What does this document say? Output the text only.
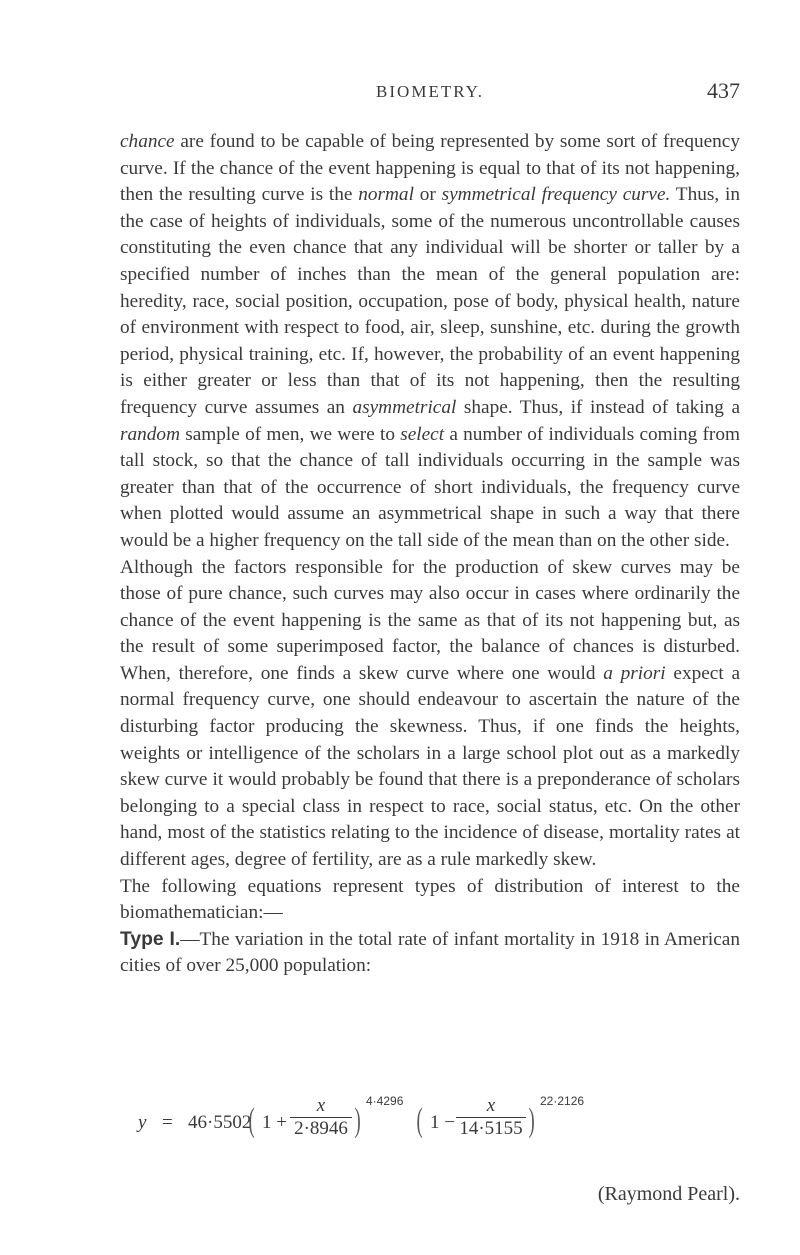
BIOMETRY.	437

chance are found to be capable of being represented by some sort of frequency curve. If the chance of the event happening is equal to that of its not happening, then the resulting curve is the normal or symmetrical frequency curve. Thus, in the case of heights of individuals, some of the numerous uncontrollable causes constituting the even chance that any individual will be shorter or taller by a specified number of inches than the mean of the general population are: heredity, race, social position, occupation, pose of body, physical health, nature of environment with respect to food, air, sleep, sunshine, etc. during the growth period, physical training, etc. If, however, the probability of an event happening is either greater or less than that of its not happening, then the resulting frequency curve assumes an asymmetrical shape. Thus, if instead of taking a random sample of men, we were to select a number of individuals coming from tall stock, so that the chance of tall individuals occurring in the sample was greater than that of the occurrence of short individuals, the frequency curve when plotted would assume an asymmetrical shape in such a way that there would be a higher frequency on the tall side of the mean than on the other side.

Although the factors responsible for the production of skew curves may be those of pure chance, such curves may also occur in cases where ordinarily the chance of the event happening is the same as that of its not happening but, as the result of some superimposed factor, the balance of chances is disturbed. When, therefore, one finds a skew curve where one would a priori expect a normal frequency curve, one should endeavour to ascertain the nature of the disturbing factor producing the skewness. Thus, if one finds the heights, weights or intelligence of the scholars in a large school plot out as a markedly skew curve it would probably be found that there is a preponderance of scholars belonging to a special class in respect to race, social status, etc. On the other hand, most of the statistics relating to the incidence of disease, mortality rates at different ages, degree of fertility, are as a rule markedly skew.

The following equations represent types of distribution of interest to the biomathematician:—

Type I.—The variation in the total rate of infant mortality in 1918 in American cities of over 25,000 population:

y = 46·5502
( 1 +
x
2·8946 )
4·4296
( 1 −
x
14·5155 )
22·2126
(Raymond Pearl).
